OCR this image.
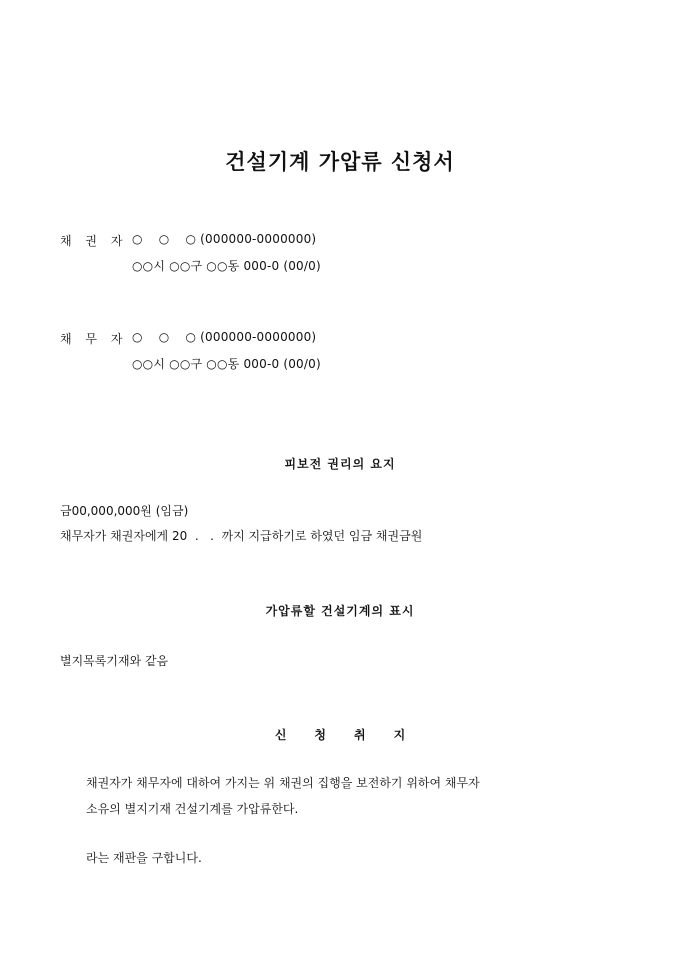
건설기계 가압류 신청서
채 권 자 ○    ○    ○ (000000-0000000)
○○시 ○○구 ○○동 000-0 (00/0)
채 무 자 ○    ○    ○ (000000-0000000)
○○시 ○○구 ○○동 000-0 (00/0)
피보전 권리의 요지
금00,000,000원 (임금)
채무자가 채권자에게 20  .   .  까지 지급하기로 하였던 임금 채권금원
가압류할 건설기계의 표시
별지목록기재와 같음
신청취지
채권자가 채무자에 대하여 가지는 위 채권의 집행을 보전하기 위하여 채무자
소유의 별지기재 건설기계를 가압류한다.
라는 재판을 구합니다.
